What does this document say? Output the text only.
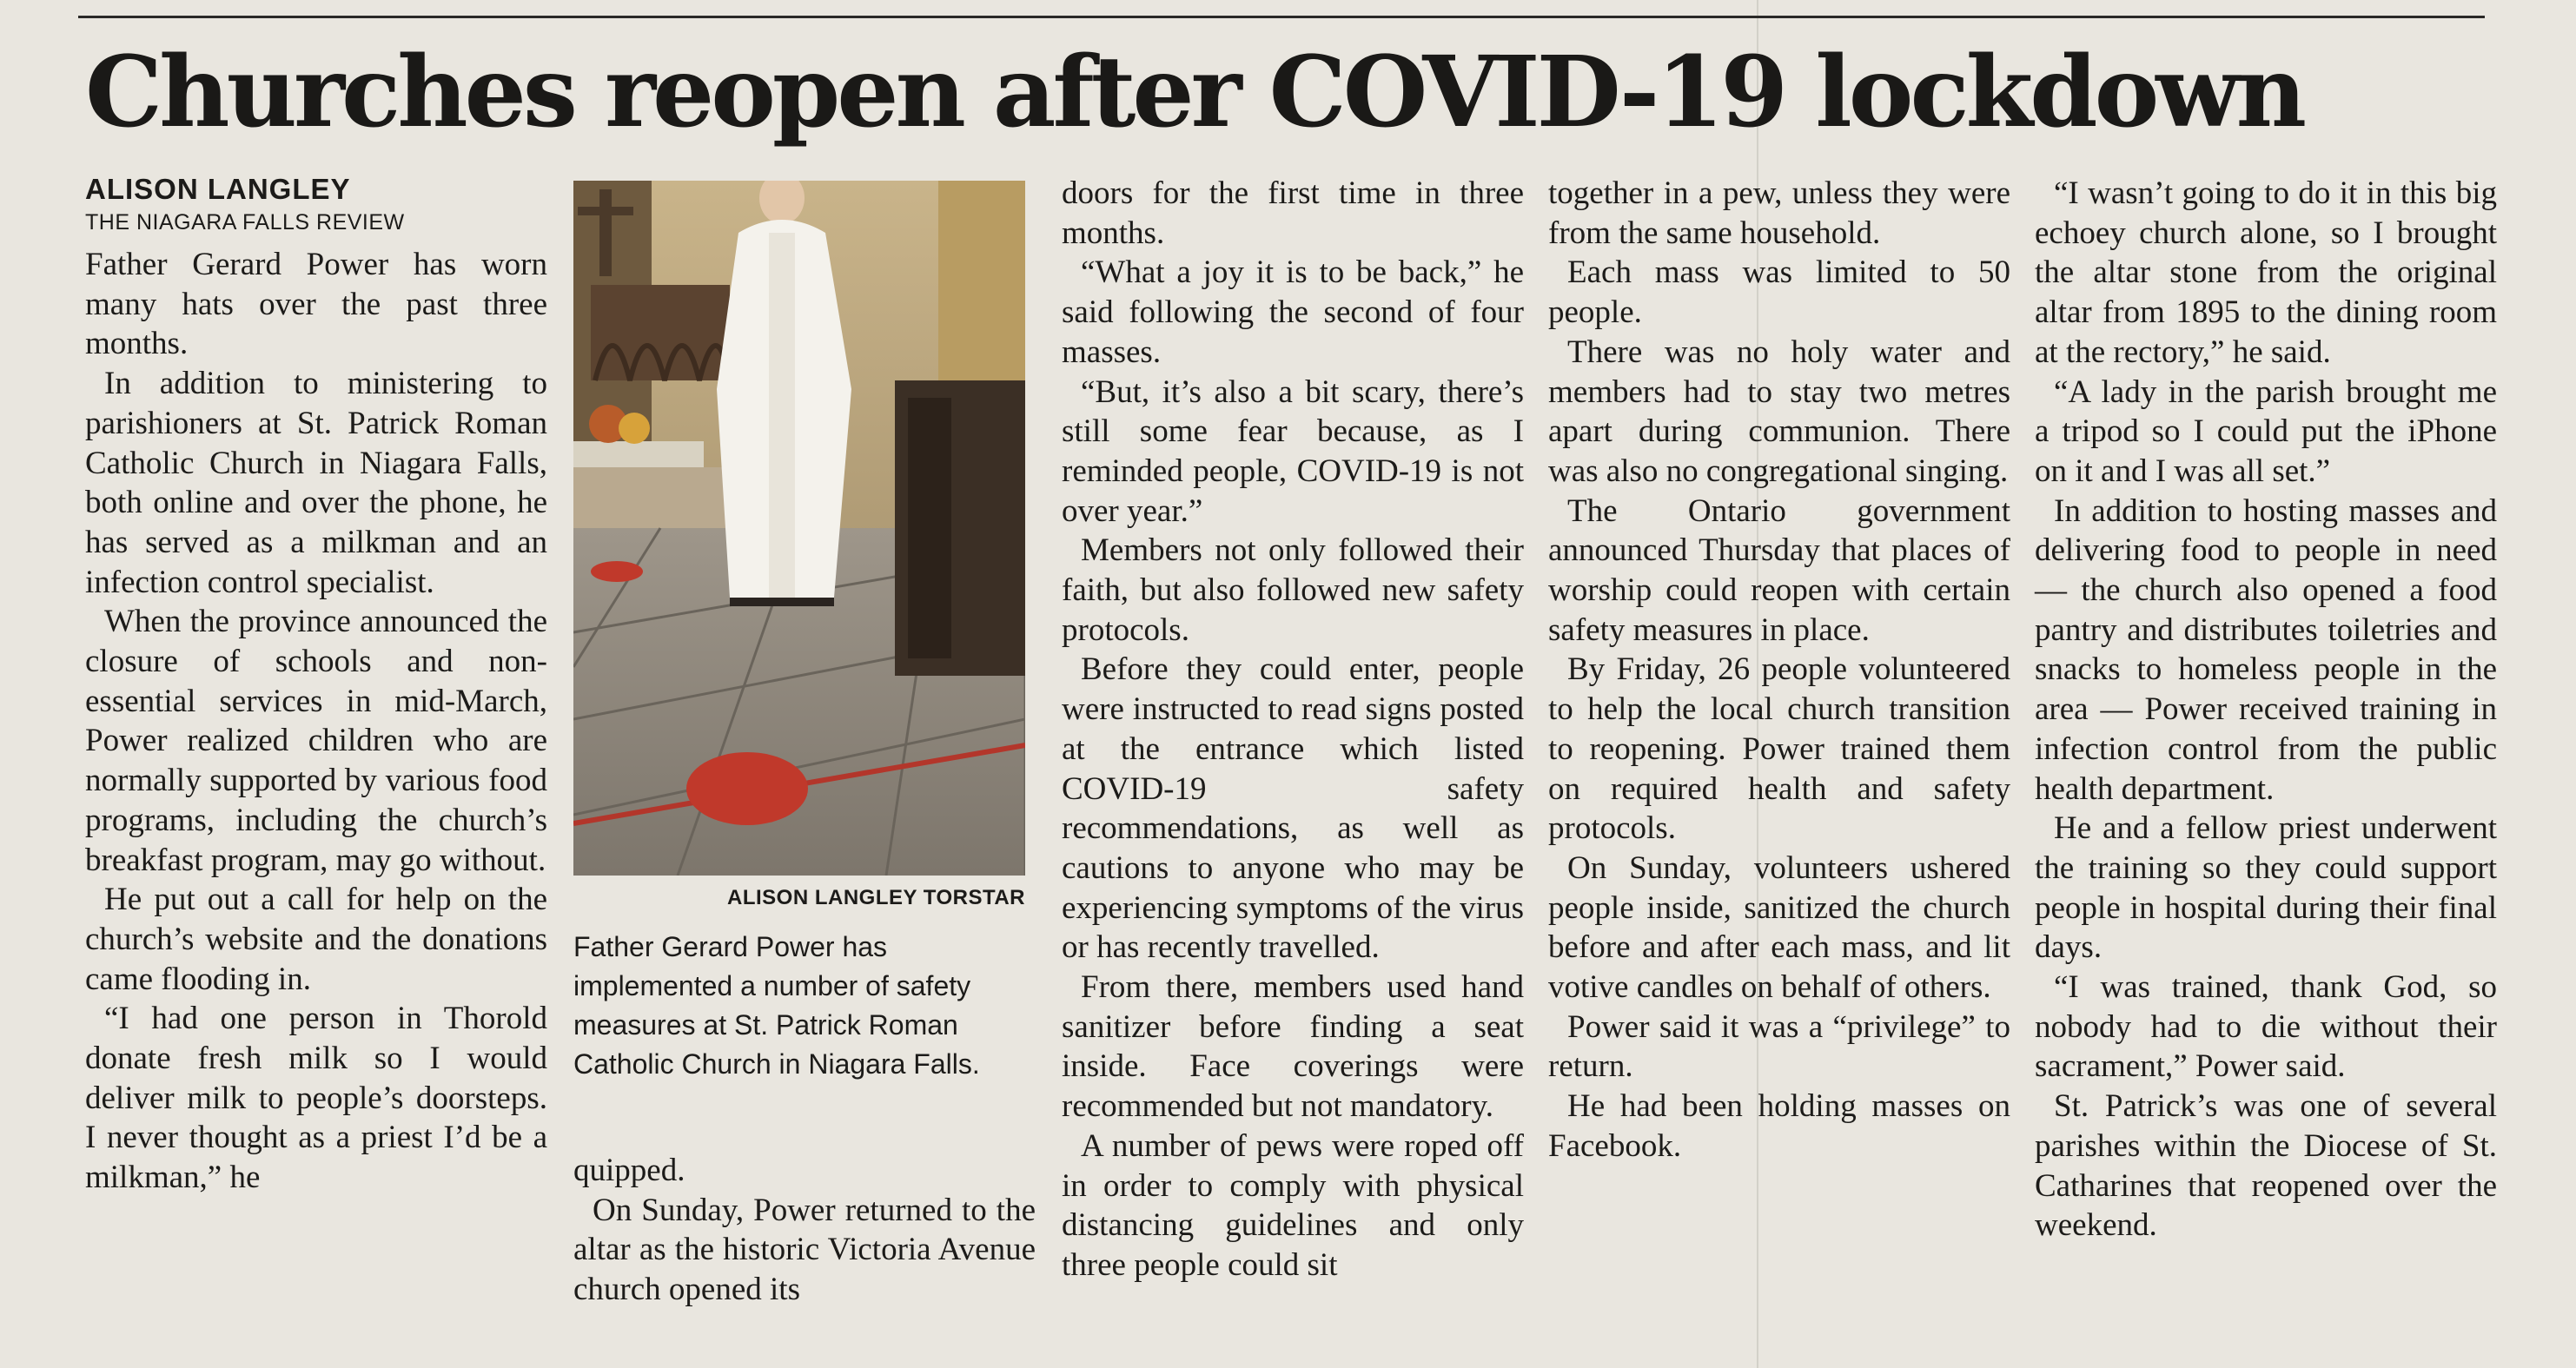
Churches reopen after COVID-19 lockdown
ALISON LANGLEY
THE NIAGARA FALLS REVIEW

Father Gerard Power has worn many hats over the past three months.

In addition to ministering to parishioners at St. Patrick Roman Catholic Church in Niagara Falls, both online and over the phone, he has served as a milkman and an infection control specialist.

When the province announced the closure of schools and non-essential services in mid-March, Power realized children who are normally supported by various food programs, including the church’s breakfast program, may go without.

He put out a call for help on the church’s website and the donations came flooding in.

“I had one person in Thorold donate fresh milk so I would deliver milk to people’s doorsteps. I never thought as a priest I’d be a milkman,” he

ALISON LANGLEY TORSTAR
Father Gerard Power has implemented a number of safety measures at St. Patrick Roman Catholic Church in Niagara Falls.

quipped.

On Sunday, Power returned to the altar as the historic Victoria Avenue church opened its

doors for the first time in three months.

“What a joy it is to be back,” he said following the second of four masses.

“But, it’s also a bit scary, there’s still some fear because, as I reminded people, COVID-19 is not over year.”

Members not only followed their faith, but also followed new safety protocols.

Before they could enter, people were instructed to read signs posted at the entrance which listed COVID-19 safety recommendations, as well as cautions to anyone who may be experiencing symptoms of the virus or has recently travelled.

From there, members used hand sanitizer before finding a seat inside. Face coverings were recommended but not mandatory.

A number of pews were roped off in order to comply with physical distancing guidelines and only three people could sit

together in a pew, unless they were from the same household.

Each mass was limited to 50 people.

There was no holy water and members had to stay two metres apart during communion. There was also no congregational singing.

The Ontario government announced Thursday that places of worship could reopen with certain safety measures in place.

By Friday, 26 people volunteered to help the local church transition to reopening. Power trained them on required health and safety protocols.

On Sunday, volunteers ushered people inside, sanitized the church before and after each mass, and lit votive candles on behalf of others.

Power said it was a “privilege” to return.

He had been holding masses on Facebook.

“I wasn’t going to do it in this big echoey church alone, so I brought the altar stone from the original altar from 1895 to the dining room at the rectory,” he said.

“A lady in the parish brought me a tripod so I could put the iPhone on it and I was all set.”

In addition to hosting masses and delivering food to people in need — the church also opened a food pantry and distributes toiletries and snacks to homeless people in the area — Power received training in infection control from the public health department.

He and a fellow priest underwent the training so they could support people in hospital during their final days.

“I was trained, thank God, so nobody had to die without their sacrament,” Power said.

St. Patrick’s was one of several parishes within the Diocese of St. Catharines that reopened over the weekend.
